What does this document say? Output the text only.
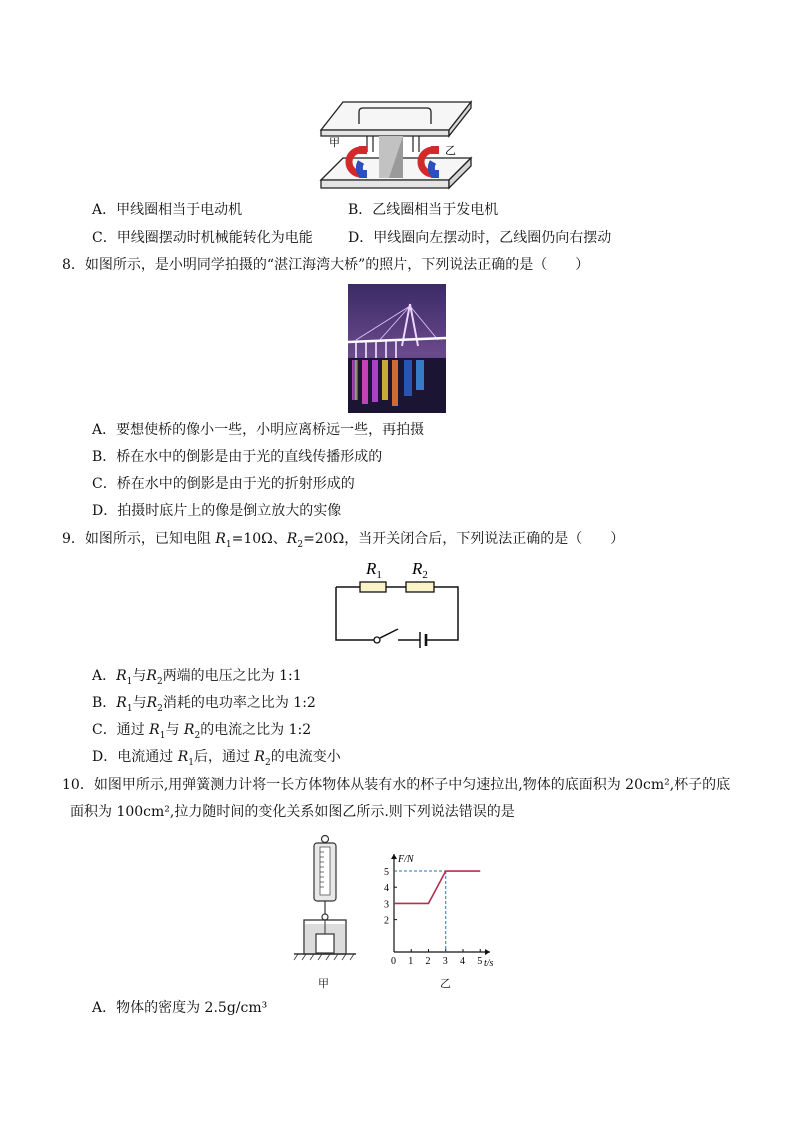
甲
乙
A．甲线圈相当于电动机	B．乙线圈相当于发电机
C．甲线圈摆动时机械能转化为电能	D．甲线圈向左摆动时，乙线圈仍向右摆动
8．如图所示，是小明同学拍摄的“湛江海湾大桥”的照片，下列说法正确的是（　　）
A．要想使桥的像小一些，小明应离桥远一些，再拍摄
B．桥在水中的倒影是由于光的直线传播形成的
C．桥在水中的倒影是由于光的折射形成的
D．拍摄时底片上的像是倒立放大的实像
9．如图所示，已知电阻 $R_1=10\Omega$、$R_2=20\Omega$，当开关闭合后，下列说法正确的是（　　）
$R_1$ $R_2$
A．$R_1$与$R_2$两端的电压之比为 1:1
B．$R_1$与$R_2$消耗的电功率之比为 1:2
C．通过 $R_1$与 $R_2$的电流之比为 1:2
D．电流通过 $R_1$后，通过 $R_2$的电流变小
10．如图甲所示,用弹簧测力计将一长方体物体从装有水的杯子中匀速拉出,物体的底面积为 20cm²,杯子的底
面积为 100cm²,拉力随时间的变化关系如图乙所示.则下列说法错误的是
甲
0 1 2 3 4 5
2
3
4
5
t/s
F/N
乙
A．物体的密度为 2.5g/cm³
